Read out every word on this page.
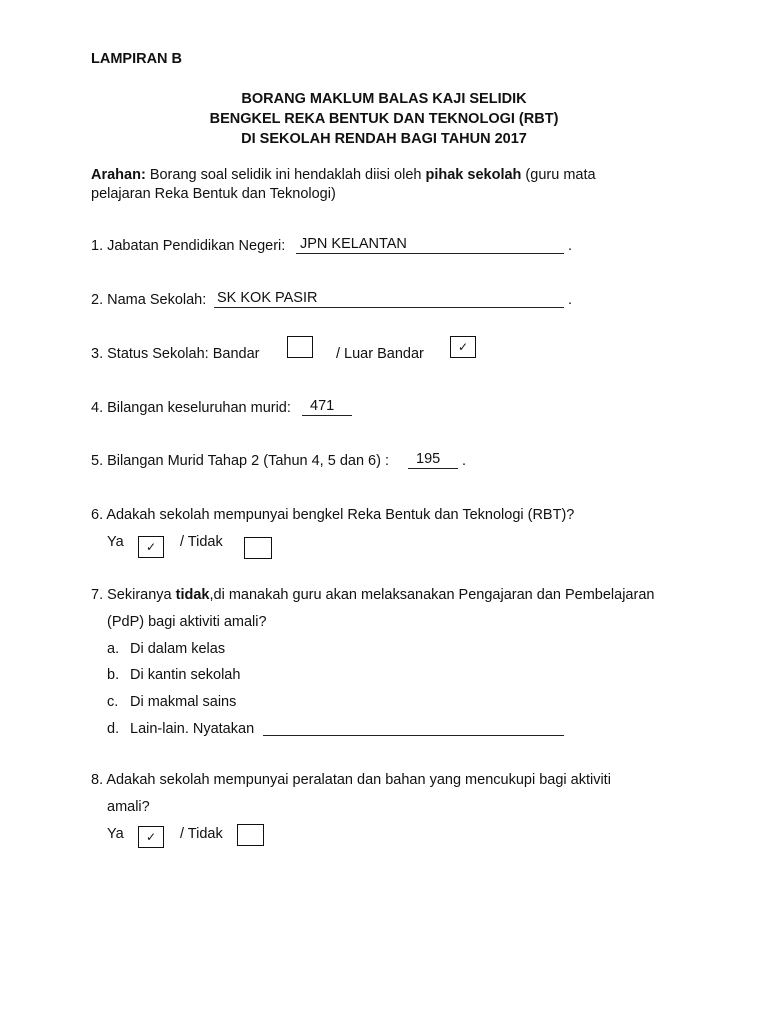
LAMPIRAN B
BORANG MAKLUM BALAS KAJI SELIDIK
BENGKEL REKA BENTUK DAN TEKNOLOGI (RBT)
DI SEKOLAH RENDAH BAGI TAHUN 2017
Arahan: Borang soal selidik ini hendaklah diisi oleh pihak sekolah (guru mata
pelajaran Reka Bentuk dan Teknologi)
1. Jabatan Pendidikan Negeri: JPN KELANTAN	.
2. Nama Sekolah: SK KOK PASIR	.
3. Status Sekolah: Bandar	/ Luar Bandar	✓
4. Bilangan keseluruhan murid: 471
5. Bilangan Murid Tahap 2 (Tahun 4, 5 dan 6) : 195 .
6. Adakah sekolah mempunyai bengkel Reka Bentuk dan Teknologi (RBT)?
Ya ✓ / Tidak
7. Sekiranya tidak,di manakah guru akan melaksanakan Pengajaran dan Pembelajaran
(PdP) bagi aktiviti amali?
a. Di dalam kelas
b. Di kantin sekolah
c. Di makmal sains
d. Lain-lain. Nyatakan
8. Adakah sekolah mempunyai peralatan dan bahan yang mencukupi bagi aktiviti
amali?
Ya ✓ / Tidak
